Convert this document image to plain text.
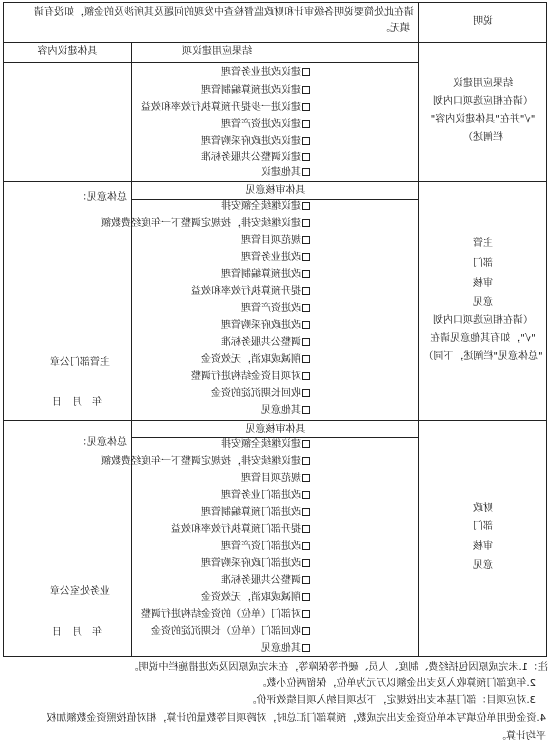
说明
请在此处简要说明各级审计和财政监督检查中发现的问题及其所涉及的金额，如没有请
填无。
结果应用建议项
具体建议内容
结果应用建议
（请在相应选项口内划
"√"并在"具体建议内容"
栏阐述）
建议改进业务管理
建议改进预算编制管理
建议进一步提升预算执行效率和效益
建议改进资产管理
建议改进政府采购管理
建议调整公共服务标准
其他建议
具体审核意见
总体意见：
主管部门公章
年　月　日
主管
部门
审核
意见
（请在相应选项口内划
"√"，如有其他意见请在
"总体意见"栏阐述，下同）
建议继续全额安排
建议继续安排，按规定调整下一年度经费数额
规范项目管理
改进业务管理
改进预算编制管理
提升预算执行效率和效益
改进资产管理
改进政府采购管理
调整公共服务标准
削减或取消，无效资金
对项目资金结构进行调整
收回长期沉淀的资金
其他意见
具体审核意见
总体意见：
业务处室公章
年　月　日
财政
部门
审核
意见
建议继续全额安排
建议继续安排，按规定调整下一年度经费数额
规范项目管理
改进部门业务管理
改进部门预算编制管理
提升部门预算执行效率和效益
改进部门资产管理
改进部门政府采购管理
调整公共服务标准
削减或取消，无效资金
对部门（单位）的资金结构进行调整
收回部门（单位）长期沉淀的资金
其他意见
注：1.未完成原因包括经费、制度、人员、硬件等保障等，在未完成原因及改进措施栏中说明。
2.年度部门预算收入及支出金额以万元为单位，保留两位小数。
3.对应项目：部门基本支出按规定，下达项目纳入项目绩效评价。
4.资金使用单位填写本单位资金支出完成数，预算部门汇总时，对跨项目等数量的计算，相对值按照资金数额加权
平均计算。
